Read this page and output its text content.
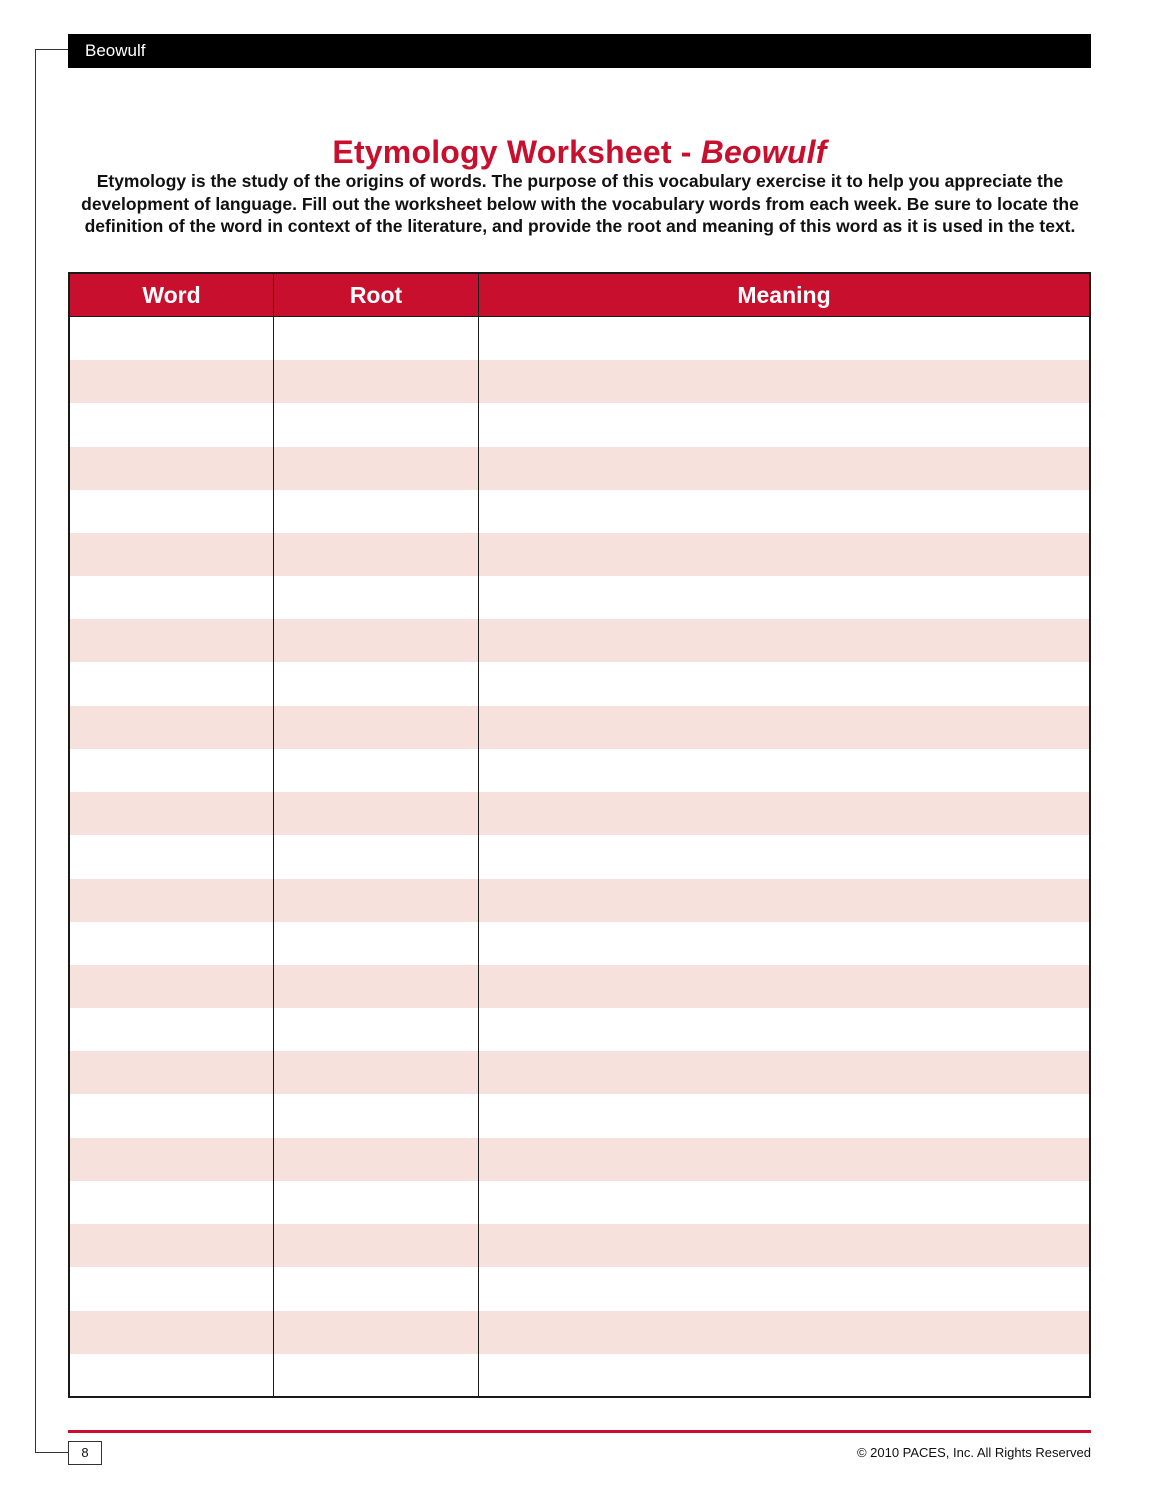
Beowulf
Etymology Worksheet - Beowulf
Etymology is the study of the origins of words. The purpose of this vocabulary exercise it to help you appreciate the development of language. Fill out the worksheet below with the vocabulary words from each week. Be sure to locate the definition of the word in context of the literature, and provide the root and meaning of this word as it is used in the text.
Word	Root	Meaning
8	© 2010 PACES, Inc. All Rights Reserved
